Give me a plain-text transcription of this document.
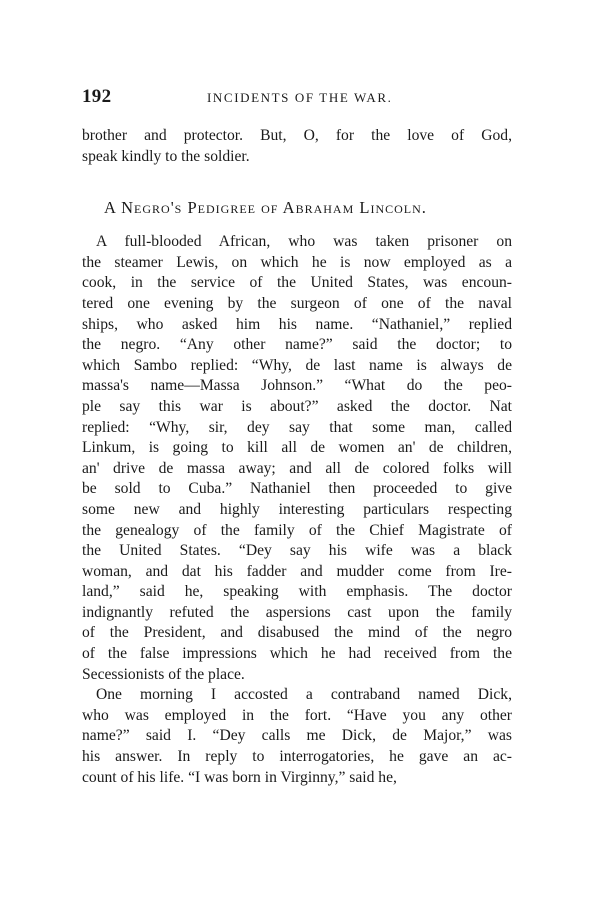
192	INCIDENTS OF THE WAR.
brother and protector. But, O, for the love of God,
speak kindly to the soldier.
A Negro's Pedigree of Abraham Lincoln.
A full-blooded African, who was taken prisoner on
the steamer Lewis, on which he is now employed as a
cook, in the service of the United States, was encoun-
tered one evening by the surgeon of one of the naval
ships, who asked him his name. “Nathaniel,” replied
the negro. “Any other name?” said the doctor; to
which Sambo replied: “Why, de last name is always de
massa's name—Massa Johnson.” “What do the peo-
ple say this war is about?” asked the doctor. Nat
replied: “Why, sir, dey say that some man, called
Linkum, is going to kill all de women an' de children,
an' drive de massa away; and all de colored folks will
be sold to Cuba.” Nathaniel then proceeded to give
some new and highly interesting particulars respecting
the genealogy of the family of the Chief Magistrate of
the United States. “Dey say his wife was a black
woman, and dat his fadder and mudder come from Ire-
land,” said he, speaking with emphasis. The doctor
indignantly refuted the aspersions cast upon the family
of the President, and disabused the mind of the negro
of the false impressions which he had received from the
Secessionists of the place.
One morning I accosted a contraband named Dick,
who was employed in the fort. “Have you any other
name?” said I. “Dey calls me Dick, de Major,” was
his answer. In reply to interrogatories, he gave an ac-
count of his life. “I was born in Virginny,” said he,
